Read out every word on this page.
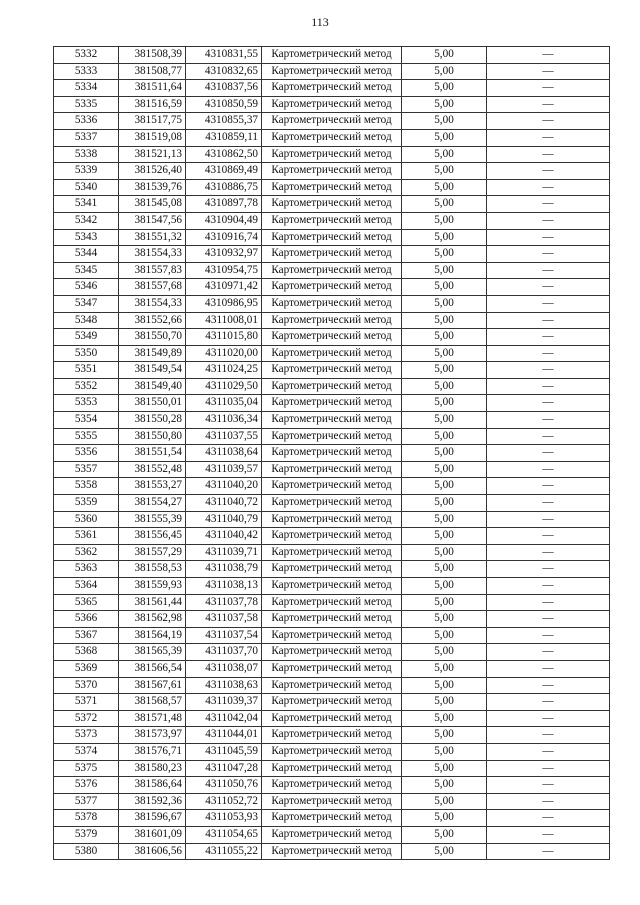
113
5332	381508,39	4310831,55	Картометрический метод	5,00	—
5333	381508,77	4310832,65	Картометрический метод	5,00	—
5334	381511,64	4310837,56	Картометрический метод	5,00	—
5335	381516,59	4310850,59	Картометрический метод	5,00	—
5336	381517,75	4310855,37	Картометрический метод	5,00	—
5337	381519,08	4310859,11	Картометрический метод	5,00	—
5338	381521,13	4310862,50	Картометрический метод	5,00	—
5339	381526,40	4310869,49	Картометрический метод	5,00	—
5340	381539,76	4310886,75	Картометрический метод	5,00	—
5341	381545,08	4310897,78	Картометрический метод	5,00	—
5342	381547,56	4310904,49	Картометрический метод	5,00	—
5343	381551,32	4310916,74	Картометрический метод	5,00	—
5344	381554,33	4310932,97	Картометрический метод	5,00	—
5345	381557,83	4310954,75	Картометрический метод	5,00	—
5346	381557,68	4310971,42	Картометрический метод	5,00	—
5347	381554,33	4310986,95	Картометрический метод	5,00	—
5348	381552,66	4311008,01	Картометрический метод	5,00	—
5349	381550,70	4311015,80	Картометрический метод	5,00	—
5350	381549,89	4311020,00	Картометрический метод	5,00	—
5351	381549,54	4311024,25	Картометрический метод	5,00	—
5352	381549,40	4311029,50	Картометрический метод	5,00	—
5353	381550,01	4311035,04	Картометрический метод	5,00	—
5354	381550,28	4311036,34	Картометрический метод	5,00	—
5355	381550,80	4311037,55	Картометрический метод	5,00	—
5356	381551,54	4311038,64	Картометрический метод	5,00	—
5357	381552,48	4311039,57	Картометрический метод	5,00	—
5358	381553,27	4311040,20	Картометрический метод	5,00	—
5359	381554,27	4311040,72	Картометрический метод	5,00	—
5360	381555,39	4311040,79	Картометрический метод	5,00	—
5361	381556,45	4311040,42	Картометрический метод	5,00	—
5362	381557,29	4311039,71	Картометрический метод	5,00	—
5363	381558,53	4311038,79	Картометрический метод	5,00	—
5364	381559,93	4311038,13	Картометрический метод	5,00	—
5365	381561,44	4311037,78	Картометрический метод	5,00	—
5366	381562,98	4311037,58	Картометрический метод	5,00	—
5367	381564,19	4311037,54	Картометрический метод	5,00	—
5368	381565,39	4311037,70	Картометрический метод	5,00	—
5369	381566,54	4311038,07	Картометрический метод	5,00	—
5370	381567,61	4311038,63	Картометрический метод	5,00	—
5371	381568,57	4311039,37	Картометрический метод	5,00	—
5372	381571,48	4311042,04	Картометрический метод	5,00	—
5373	381573,97	4311044,01	Картометрический метод	5,00	—
5374	381576,71	4311045,59	Картометрический метод	5,00	—
5375	381580,23	4311047,28	Картометрический метод	5,00	—
5376	381586,64	4311050,76	Картометрический метод	5,00	—
5377	381592,36	4311052,72	Картометрический метод	5,00	—
5378	381596,67	4311053,93	Картометрический метод	5,00	—
5379	381601,09	4311054,65	Картометрический метод	5,00	—
5380	381606,56	4311055,22	Картометрический метод	5,00	—
